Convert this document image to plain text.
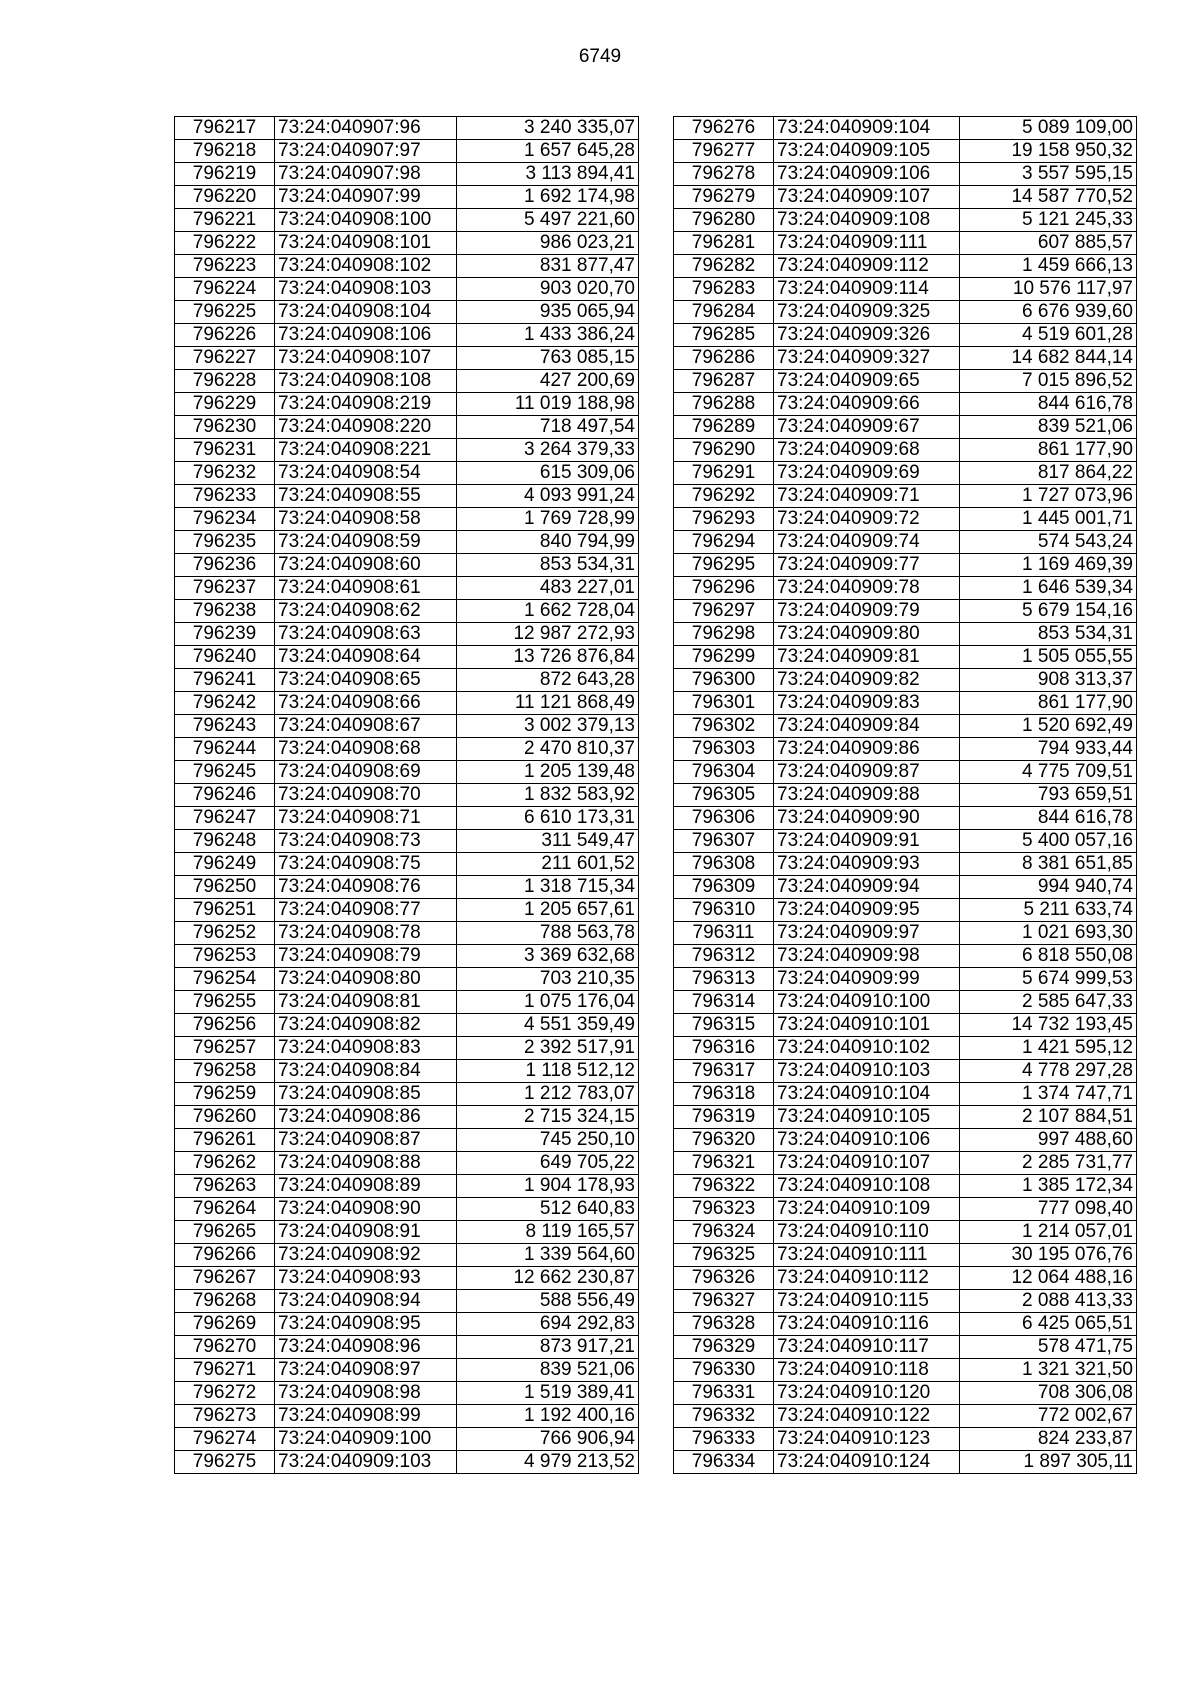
6749
796217	73:24:040907:96	3 240 335,07
796218	73:24:040907:97	1 657 645,28
796219	73:24:040907:98	3 113 894,41
796220	73:24:040907:99	1 692 174,98
796221	73:24:040908:100	5 497 221,60
796222	73:24:040908:101	986 023,21
796223	73:24:040908:102	831 877,47
796224	73:24:040908:103	903 020,70
796225	73:24:040908:104	935 065,94
796226	73:24:040908:106	1 433 386,24
796227	73:24:040908:107	763 085,15
796228	73:24:040908:108	427 200,69
796229	73:24:040908:219	11 019 188,98
796230	73:24:040908:220	718 497,54
796231	73:24:040908:221	3 264 379,33
796232	73:24:040908:54	615 309,06
796233	73:24:040908:55	4 093 991,24
796234	73:24:040908:58	1 769 728,99
796235	73:24:040908:59	840 794,99
796236	73:24:040908:60	853 534,31
796237	73:24:040908:61	483 227,01
796238	73:24:040908:62	1 662 728,04
796239	73:24:040908:63	12 987 272,93
796240	73:24:040908:64	13 726 876,84
796241	73:24:040908:65	872 643,28
796242	73:24:040908:66	11 121 868,49
796243	73:24:040908:67	3 002 379,13
796244	73:24:040908:68	2 470 810,37
796245	73:24:040908:69	1 205 139,48
796246	73:24:040908:70	1 832 583,92
796247	73:24:040908:71	6 610 173,31
796248	73:24:040908:73	311 549,47
796249	73:24:040908:75	211 601,52
796250	73:24:040908:76	1 318 715,34
796251	73:24:040908:77	1 205 657,61
796252	73:24:040908:78	788 563,78
796253	73:24:040908:79	3 369 632,68
796254	73:24:040908:80	703 210,35
796255	73:24:040908:81	1 075 176,04
796256	73:24:040908:82	4 551 359,49
796257	73:24:040908:83	2 392 517,91
796258	73:24:040908:84	1 118 512,12
796259	73:24:040908:85	1 212 783,07
796260	73:24:040908:86	2 715 324,15
796261	73:24:040908:87	745 250,10
796262	73:24:040908:88	649 705,22
796263	73:24:040908:89	1 904 178,93
796264	73:24:040908:90	512 640,83
796265	73:24:040908:91	8 119 165,57
796266	73:24:040908:92	1 339 564,60
796267	73:24:040908:93	12 662 230,87
796268	73:24:040908:94	588 556,49
796269	73:24:040908:95	694 292,83
796270	73:24:040908:96	873 917,21
796271	73:24:040908:97	839 521,06
796272	73:24:040908:98	1 519 389,41
796273	73:24:040908:99	1 192 400,16
796274	73:24:040909:100	766 906,94
796275	73:24:040909:103	4 979 213,52
796276	73:24:040909:104	5 089 109,00
796277	73:24:040909:105	19 158 950,32
796278	73:24:040909:106	3 557 595,15
796279	73:24:040909:107	14 587 770,52
796280	73:24:040909:108	5 121 245,33
796281	73:24:040909:111	607 885,57
796282	73:24:040909:112	1 459 666,13
796283	73:24:040909:114	10 576 117,97
796284	73:24:040909:325	6 676 939,60
796285	73:24:040909:326	4 519 601,28
796286	73:24:040909:327	14 682 844,14
796287	73:24:040909:65	7 015 896,52
796288	73:24:040909:66	844 616,78
796289	73:24:040909:67	839 521,06
796290	73:24:040909:68	861 177,90
796291	73:24:040909:69	817 864,22
796292	73:24:040909:71	1 727 073,96
796293	73:24:040909:72	1 445 001,71
796294	73:24:040909:74	574 543,24
796295	73:24:040909:77	1 169 469,39
796296	73:24:040909:78	1 646 539,34
796297	73:24:040909:79	5 679 154,16
796298	73:24:040909:80	853 534,31
796299	73:24:040909:81	1 505 055,55
796300	73:24:040909:82	908 313,37
796301	73:24:040909:83	861 177,90
796302	73:24:040909:84	1 520 692,49
796303	73:24:040909:86	794 933,44
796304	73:24:040909:87	4 775 709,51
796305	73:24:040909:88	793 659,51
796306	73:24:040909:90	844 616,78
796307	73:24:040909:91	5 400 057,16
796308	73:24:040909:93	8 381 651,85
796309	73:24:040909:94	994 940,74
796310	73:24:040909:95	5 211 633,74
796311	73:24:040909:97	1 021 693,30
796312	73:24:040909:98	6 818 550,08
796313	73:24:040909:99	5 674 999,53
796314	73:24:040910:100	2 585 647,33
796315	73:24:040910:101	14 732 193,45
796316	73:24:040910:102	1 421 595,12
796317	73:24:040910:103	4 778 297,28
796318	73:24:040910:104	1 374 747,71
796319	73:24:040910:105	2 107 884,51
796320	73:24:040910:106	997 488,60
796321	73:24:040910:107	2 285 731,77
796322	73:24:040910:108	1 385 172,34
796323	73:24:040910:109	777 098,40
796324	73:24:040910:110	1 214 057,01
796325	73:24:040910:111	30 195 076,76
796326	73:24:040910:112	12 064 488,16
796327	73:24:040910:115	2 088 413,33
796328	73:24:040910:116	6 425 065,51
796329	73:24:040910:117	578 471,75
796330	73:24:040910:118	1 321 321,50
796331	73:24:040910:120	708 306,08
796332	73:24:040910:122	772 002,67
796333	73:24:040910:123	824 233,87
796334	73:24:040910:124	1 897 305,11
